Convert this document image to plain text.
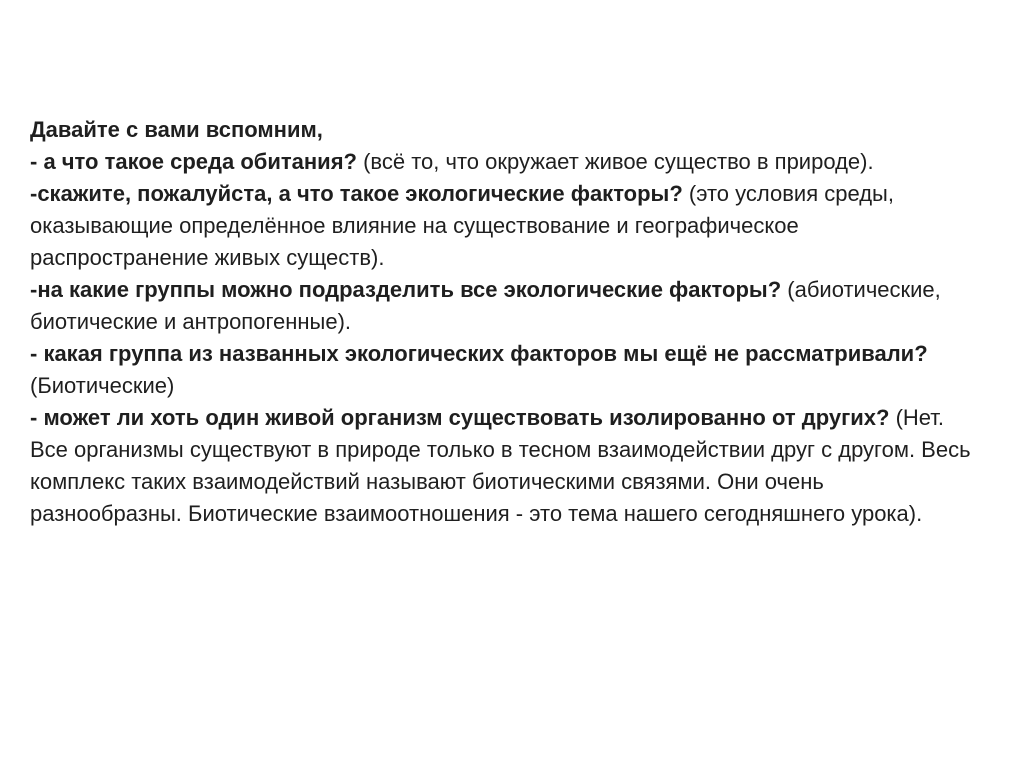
Давайте с вами вспомним,

- а что такое среда обитания? (всё то, что окружает живое существо в природе).

-скажите, пожалуйста, а что такое экологические факторы? (это условия среды, оказывающие определённое влияние на существование и географическое распространение живых существ).

-на какие группы можно подразделить все экологические факторы? (абиотические, биотические и антропогенные).

- какая группа из названных экологических факторов мы ещё не рассматривали? (Биотические)

- может ли хоть один живой организм существовать изолированно от других? (Нет. Все организмы существуют в природе только в тесном взаимодействии друг с другом. Весь комплекс таких взаимодействий называют биотическими связями. Они очень разнообразны. Биотические взаимоотношения - это тема нашего сегодняшнего урока).
